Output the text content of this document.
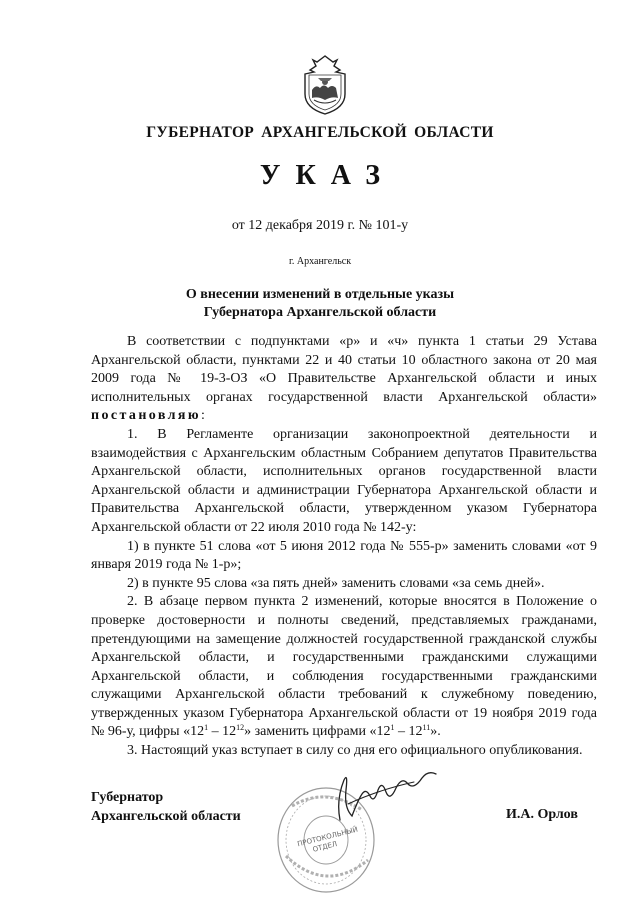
ГУБЕРНАТОР АРХАНГЕЛЬСКОЙ ОБЛАСТИ
УКАЗ
от 12 декабря 2019 г. № 101-у
г. Архангельск
О внесении изменений в отдельные указы
Губернатора Архангельской области

В соответствии с подпунктами «р» и «ч» пункта 1 статьи 29 Устава Архангельской области, пунктами 22 и 40 статьи 10 областного закона от 20 мая 2009 года № 19-3-ОЗ «О Правительстве Архангельской области и иных исполнительных органах государственной власти Архангельской области» постановляю:

1. В Регламенте организации законопроектной деятельности и взаимодействия с Архангельским областным Собранием депутатов Правительства Архангельской области, исполнительных органов государственной власти Архангельской области и администрации Губернатора Архангельской области и Правительства Архангельской области, утвержденном указом Губернатора Архангельской области от 22 июля 2010 года № 142-у:

1) в пункте 51 слова «от 5 июня 2012 года № 555-р» заменить словами «от 9 января 2019 года № 1-р»;

2) в пункте 95 слова «за пять дней» заменить словами «за семь дней».

2. В абзаце первом пункта 2 изменений, которые вносятся в Положение о проверке достоверности и полноты сведений, представляемых гражданами, претендующими на замещение должностей государственной гражданской службы Архангельской области, и государственными гражданскими служащими Архангельской области, и соблюдения государственными гражданскими служащими Архангельской области требований к служебному поведению, утвержденных указом Губернатора Архангельской области от 19 ноября 2019 года № 96-у, цифры «$12^1 - 12^{12}$» заменить цифрами «$12^1 - 12^{11}$».

3. Настоящий указ вступает в силу со дня его официального опубликования.

ПРОТОКОЛЬНЫЙ ОТДЕЛ
Губернатор
Архангельской области	И.А. Орлов
